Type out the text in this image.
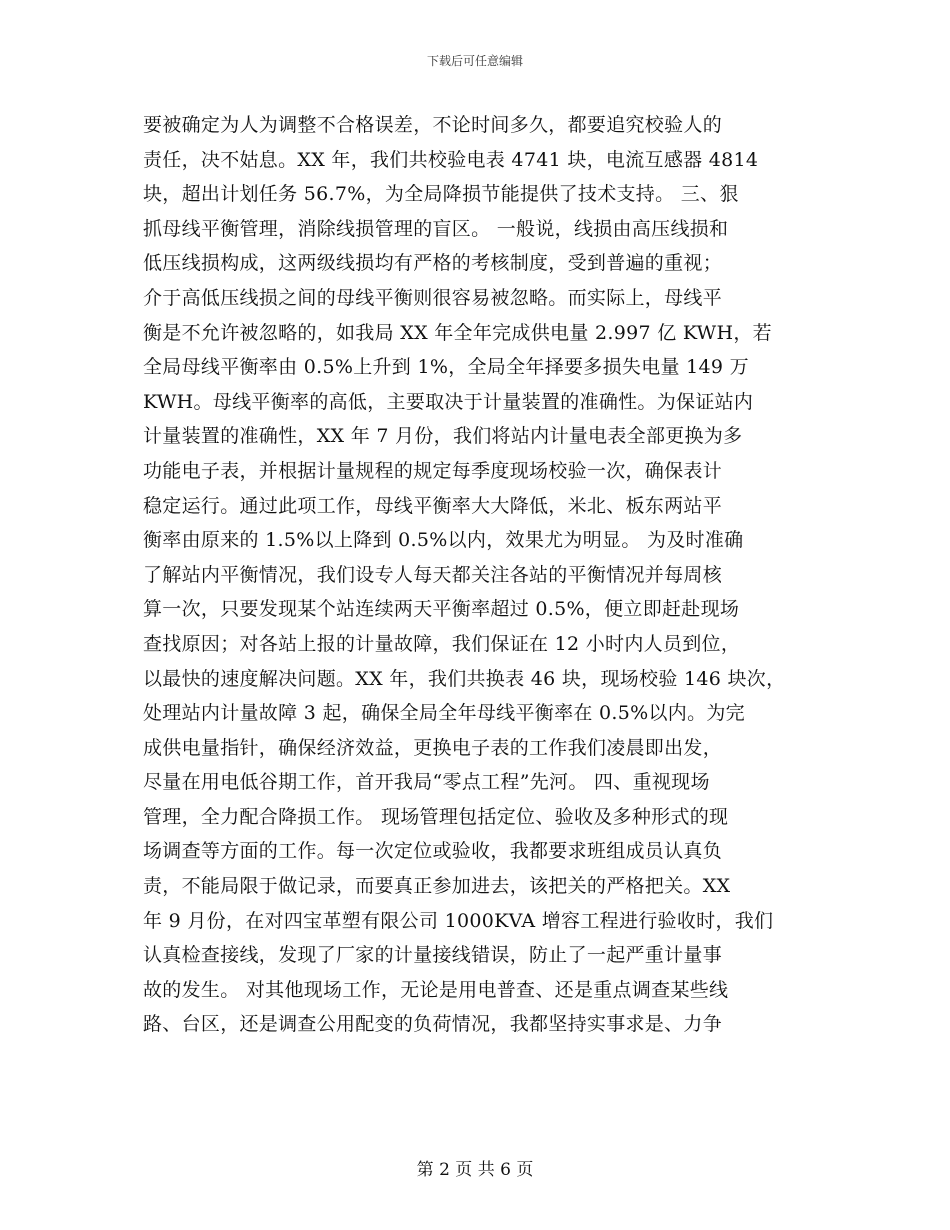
下载后可任意编辑
要被确定为人为调整不合格误差，不论时间多久，都要追究校验人的
责任，决不姑息。XX 年，我们共校验电表 4741 块，电流互感器 4814
块，超出计划任务 56.7%，为全局降损节能提供了技术支持。 三、狠
抓母线平衡管理，消除线损管理的盲区。 一般说，线损由高压线损和
低压线损构成，这两级线损均有严格的考核制度，受到普遍的重视；
介于高低压线损之间的母线平衡则很容易被忽略。而实际上，母线平
衡是不允许被忽略的，如我局 XX 年全年完成供电量 2.997 亿 KWH，若
全局母线平衡率由 0.5%上升到 1%，全局全年择要多损失电量 149 万
KWH。母线平衡率的高低，主要取决于计量装置的准确性。为保证站内
计量装置的准确性，XX 年 7 月份，我们将站内计量电表全部更换为多
功能电子表，并根据计量规程的规定每季度现场校验一次，确保表计
稳定运行。通过此项工作，母线平衡率大大降低，米北、板东两站平
衡率由原来的 1.5%以上降到 0.5%以内，效果尤为明显。 为及时准确
了解站内平衡情况，我们设专人每天都关注各站的平衡情况并每周核
算一次，只要发现某个站连续两天平衡率超过 0.5%，便立即赶赴现场
查找原因；对各站上报的计量故障，我们保证在 12 小时内人员到位，
以最快的速度解决问题。XX 年，我们共换表 46 块，现场校验 146 块次，
处理站内计量故障 3 起，确保全局全年母线平衡率在 0.5%以内。为完
成供电量指针，确保经济效益，更换电子表的工作我们凌晨即出发，
尽量在用电低谷期工作，首开我局“零点工程”先河。 四、重视现场
管理，全力配合降损工作。 现场管理包括定位、验收及多种形式的现
场调查等方面的工作。每一次定位或验收，我都要求班组成员认真负
责，不能局限于做记录，而要真正参加进去，该把关的严格把关。XX
年 9 月份，在对四宝革塑有限公司 1000KVA 增容工程进行验收时，我们
认真检查接线，发现了厂家的计量接线错误，防止了一起严重计量事
故的发生。 对其他现场工作，无论是用电普查、还是重点调查某些线
路、台区，还是调查公用配变的负荷情况，我都坚持实事求是、力争
第 2 页 共 6 页
